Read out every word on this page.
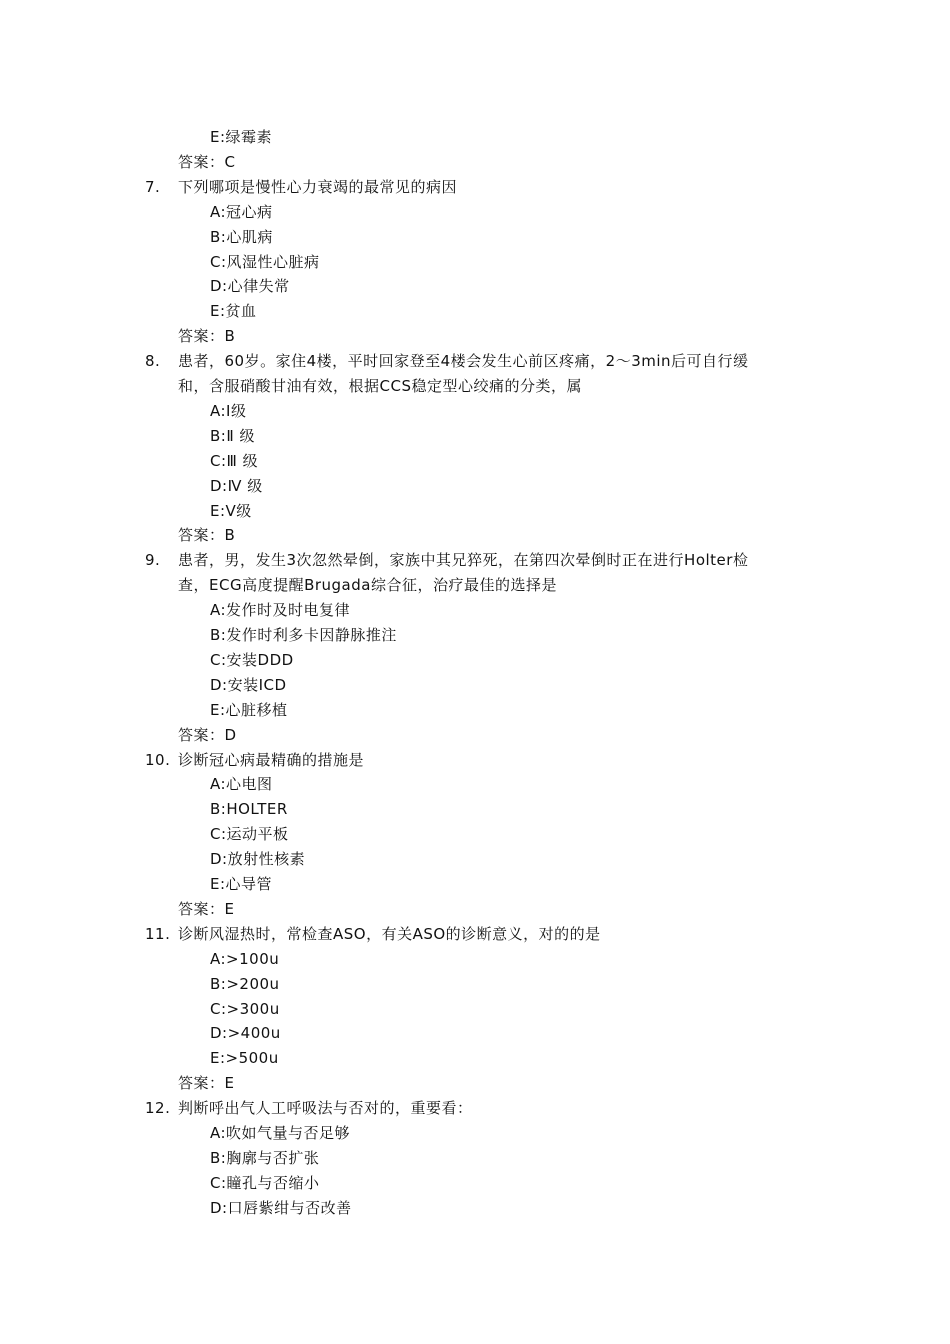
E:绿霉素
答案：C
7.	下列哪项是慢性心力衰竭的最常见的病因
A:冠心病
B:心肌病
C:风湿性心脏病
D:心律失常
E:贫血
答案：B
8.	患者，60岁。家住4楼，平时回家登至4楼会发生心前区疼痛，2～3min后可自行缓
和，含服硝酸甘油有效，根据CCS稳定型心绞痛的分类，属
A:Ⅰ级
B:Ⅱ 级
C:Ⅲ 级
D:Ⅳ 级
E:Ⅴ级
答案：B
9.	患者，男，发生3次忽然晕倒，家族中其兄猝死，在第四次晕倒时正在进行Holter检
查，ECG高度提醒Brugada综合征，治疗最佳的选择是
A:发作时及时电复律
B:发作时利多卡因静脉推注
C:安装DDD
D:安装ICD
E:心脏移植
答案：D
10. 诊断冠心病最精确的措施是
A:心电图
B:HOLTER
C:运动平板
D:放射性核素
E:心导管
答案：E
11. 诊断风湿热时，常检查ASO，有关ASO的诊断意义，对的的是
A:>100u
B:>200u
C:>300u
D:>400u
E:>500u
答案：E
12. 判断呼出气人工呼吸法与否对的，重要看：
A:吹如气量与否足够
B:胸廓与否扩张
C:瞳孔与否缩小
D:口唇紫绀与否改善
